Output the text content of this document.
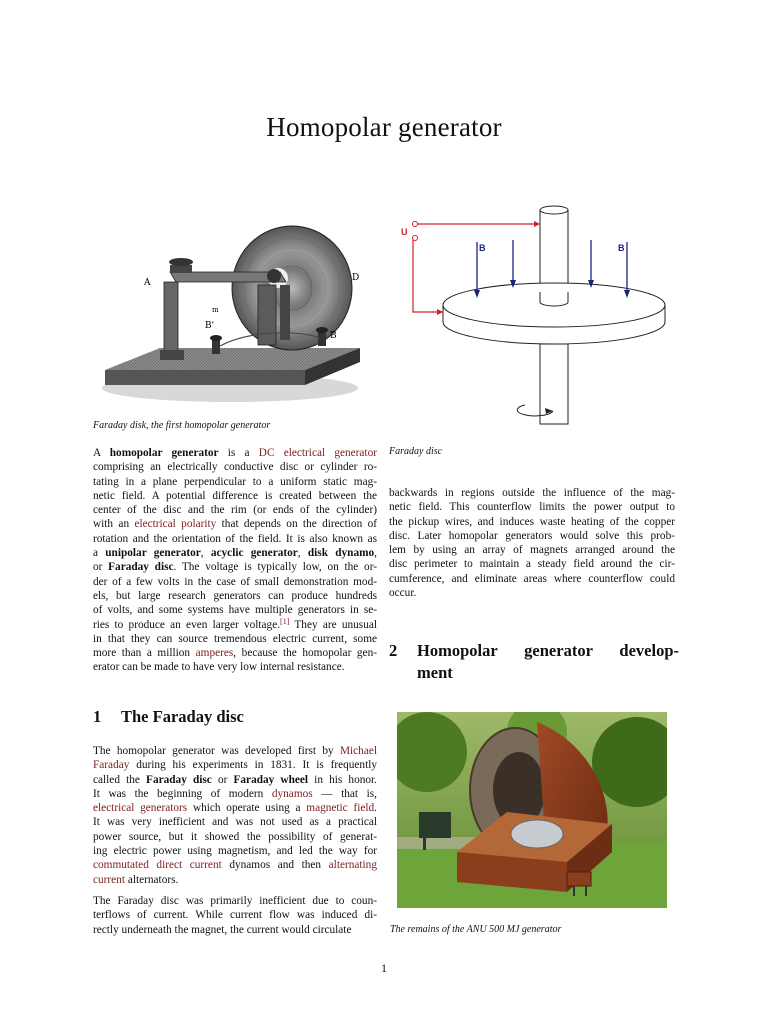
Homopolar generator
A	D
B'
B
m
Faraday disk, the first homopolar generator
U
B	B
Faraday disc
A homopolar generator is a DC electrical generator
comprising an electrically conductive disc or cylinder ro-
tating in a plane perpendicular to a uniform static mag-
netic field. A potential difference is created between the
center of the disc and the rim (or ends of the cylinder)
with an electrical polarity that depends on the direction of
rotation and the orientation of the field. It is also known as
a unipolar generator, acyclic generator, disk dynamo,
or Faraday disc. The voltage is typically low, on the or-
der of a few volts in the case of small demonstration mod-
els, but large research generators can produce hundreds
of volts, and some systems have multiple generators in se-
ries to produce an even larger voltage.[1] They are unusual
in that they can source tremendous electric current, some
more than a million amperes, because the homopolar gen-
erator can be made to have very low internal resistance.
1 The Faraday disc
The homopolar generator was developed first by Michael
Faraday during his experiments in 1831. It is frequently
called the Faraday disc or Faraday wheel in his honor.
It was the beginning of modern dynamos — that is,
electrical generators which operate using a magnetic field.
It was very inefficient and was not used as a practical
power source, but it showed the possibility of generat-
ing electric power using magnetism, and led the way for
commutated direct current dynamos and then alternating
current alternators.
The Faraday disc was primarily inefficient due to coun-
terflows of current. While current flow was induced di-
rectly underneath the magnet, the current would circulate
backwards in regions outside the influence of the mag-
netic field. This counterflow limits the power output to
the pickup wires, and induces waste heating of the copper
disc. Later homopolar generators would solve this prob-
lem by using an array of magnets arranged around the
disc perimeter to maintain a steady field around the cir-
cumference, and eliminate areas where counterflow could
occur.
2	Homopolar generator develop-
ment
The remains of the ANU 500 MJ generator
1
